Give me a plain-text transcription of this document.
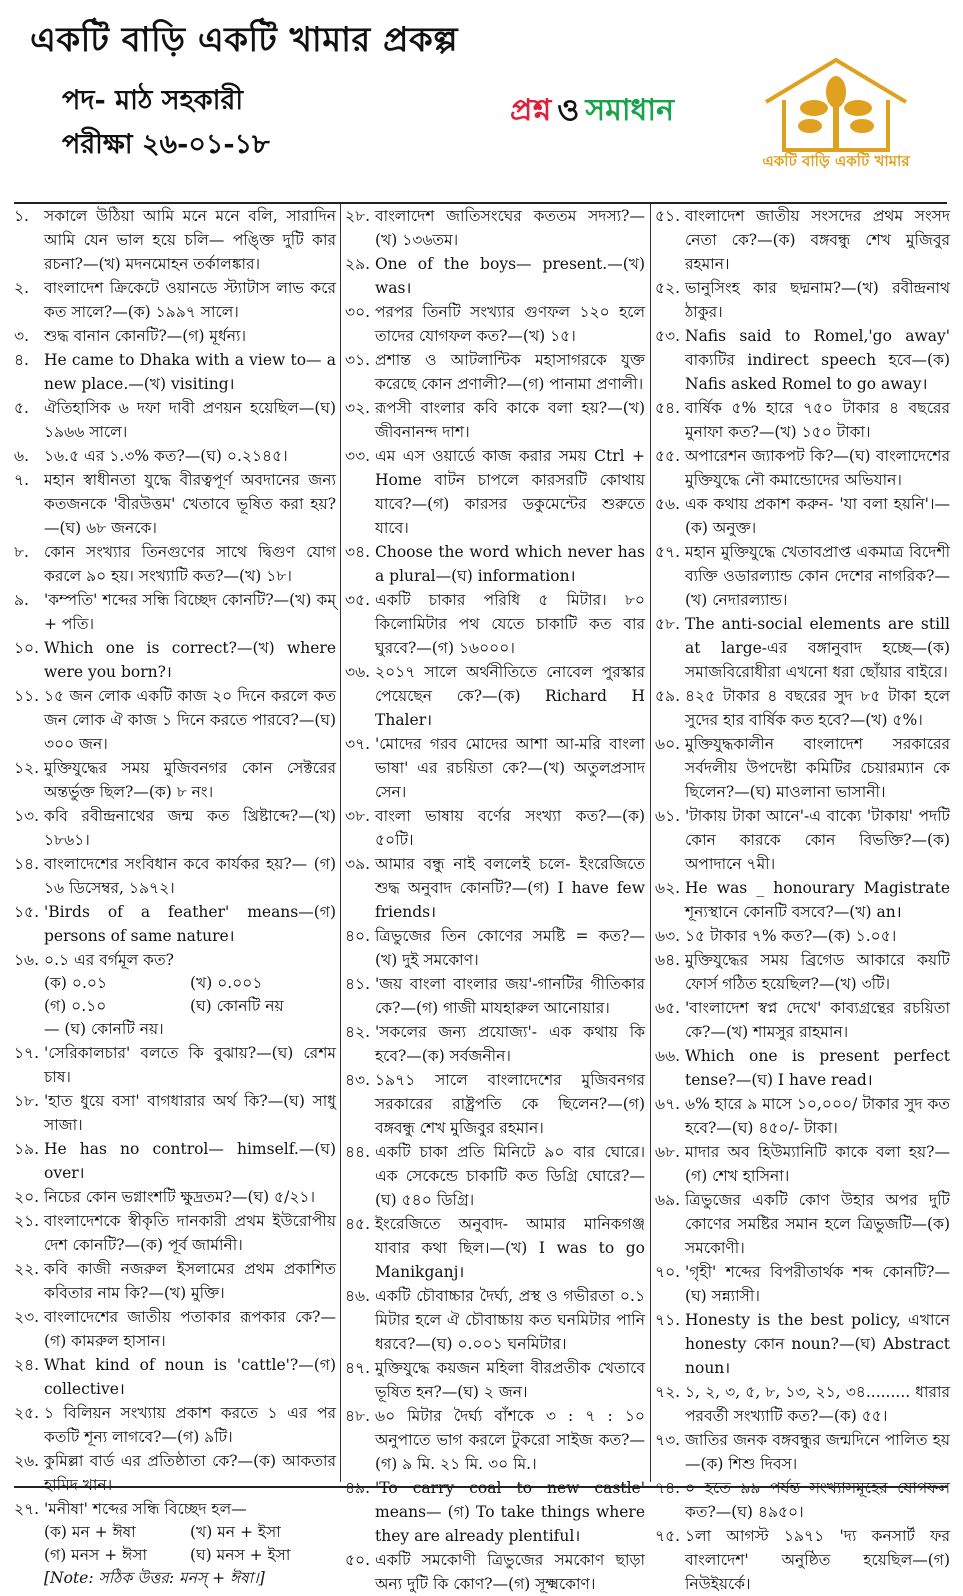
একটি বাড়ি একটি খামার প্রকল্প
পদ- মাঠ সহকারী
পরীক্ষা ২৬-০১-১৮
প্রশ্ন ও সমাধান
একটি বাড়ি একটি খামার
১. সকালে উঠিয়া আমি মনে মনে বলি, সারাদিন আমি যেন ভাল হয়ে চলি— পঙ্ক্তি দুটি কার রচনা?—(খ) মদনমোহন তর্কালঙ্কার।
২. বাংলাদেশ ক্রিকেটে ওয়ানডে স্ট্যাটাস লাভ করে কত সালে?—(ক) ১৯৯৭ সালে।
৩. শুদ্ধ বানান কোনটি?—(গ) মূর্ধন্য।
৪. He came to Dhaka with a view to— a new place.—(খ) visiting।
৫. ঐতিহাসিক ৬ দফা দাবী প্রণয়ন হয়েছিল—(ঘ) ১৯৬৬ সালে।
৬. ১৬.৫ এর ১.৩% কত?—(ঘ) ০.২১৪৫।
৭. মহান স্বাধীনতা যুদ্ধে বীরত্বপূর্ণ অবদানের জন্য কতজনকে 'বীরউত্তম' খেতাবে ভূষিত করা হয়?—(ঘ) ৬৮ জনকে।
৮. কোন সংখ্যার তিনগুণের সাথে দ্বিগুণ যোগ করলে ৯০ হয়। সংখ্যাটি কত?—(খ) ১৮।
৯. 'কম্পতি' শব্দের সন্ধি বিচ্ছেদ কোনটি?—(খ) কম্ + পতি।
১০. Which one is correct?—(খ) where were you born?।
১১. ১৫ জন লোক একটি কাজ ২০ দিনে করলে কত জন লোক ঐ কাজ ১ দিনে করতে পারবে?—(ঘ) ৩০০ জন।
১২. মুক্তিযুদ্ধের সময় মুজিবনগর কোন সেক্টরের অন্তর্ভুক্ত ছিল?—(ক) ৮ নং।
১৩. কবি রবীন্দ্রনাথের জন্ম কত খ্রিষ্টাব্দে?—(খ) ১৮৬১।
১৪. বাংলাদেশের সংবিধান কবে কার্যকর হয়?— (গ) ১৬ ডিসেম্বর, ১৯৭২।
১৫. 'Birds of a feather' means—(গ) persons of same nature।
১৬. ০.১ এর বর্গমূল কত?
(ক) ০.০১	(খ) ০.০০১
(গ) ০.১০	(ঘ) কোনটি নয়
— (ঘ) কোনটি নয়।
১৭. 'সেরিকালচার' বলতে কি বুঝায়?—(ঘ) রেশম চাষ।
১৮. 'হাত ধুয়ে বসা' বাগধারার অর্থ কি?—(ঘ) সাধু সাজা।
১৯. He has no control— himself.—(ঘ) over।
২০. নিচের কোন ভগ্নাংশটি ক্ষুদ্রতম?—(ঘ) ৫/২১।
২১. বাংলাদেশকে স্বীকৃতি দানকারী প্রথম ইউরোপীয় দেশ কোনটি?—(ক) পূর্ব জার্মানী।
২২. কবি কাজী নজরুল ইসলামের প্রথম প্রকাশিত কবিতার নাম কি?—(খ) মুক্তি।
২৩. বাংলাদেশের জাতীয় পতাকার রূপকার কে?—(গ) কামরুল হাসান।
২৪. What kind of noun is 'cattle'?—(গ) collective।
২৫. ১ বিলিয়ন সংখ্যায় প্রকাশ করতে ১ এর পর কতটি শূন্য লাগবে?—(গ) ৯টি।
২৬. কুমিল্লা বার্ড এর প্রতিষ্ঠাতা কে?—(ক) আকতার হামিদ খান।
২৭. 'মনীষা' শব্দের সন্ধি বিচ্ছেদ হল—
(ক) মন + ঈষা	(খ) মন + ইসা
(গ) মনস + ঈসা	(ঘ) মনস + ইসা
[Note: সঠিক উত্তর: মনস্ + ঈষা।]
২৮. বাংলাদেশ জাতিসংঘের কততম সদস্য?—(খ) ১৩৬তম।
২৯. One of the boys— present.—(খ) was।
৩০. পরপর তিনটি সংখ্যার গুণফল ১২০ হলে তাদের যোগফল কত?—(খ) ১৫।
৩১. প্রশান্ত ও আটলান্টিক মহাসাগরকে যুক্ত করেছে কোন প্রণালী?—(গ) পানামা প্রণালী।
৩২. রূপসী বাংলার কবি কাকে বলা হয়?—(খ) জীবনানন্দ দাশ।
৩৩. এম এস ওয়ার্ডে কাজ করার সময় Ctrl + Home বাটন চাপলে কারসরটি কোথায় যাবে?—(গ) কারসর ডকুমেন্টের শুরুতে যাবে।
৩৪. Choose the word which never has a plural—(ঘ) information।
৩৫. একটি চাকার পরিধি ৫ মিটার। ৮০ কিলোমিটার পথ যেতে চাকাটি কত বার ঘুরবে?—(গ) ১৬০০০।
৩৬. ২০১৭ সালে অর্থনীতিতে নোবেল পুরস্কার পেয়েছেন কে?—(ক) Richard H Thaler।
৩৭. 'মোদের গরব মোদের আশা আ-মরি বাংলা ভাষা' এর রচয়িতা কে?—(খ) অতুলপ্রসাদ সেন।
৩৮. বাংলা ভাষায় বর্ণের সংখ্যা কত?—(ক) ৫০টি।
৩৯. আমার বন্ধু নাই বললেই চলে- ইংরেজিতে শুদ্ধ অনুবাদ কোনটি?—(গ) I have few friends।
৪০. ত্রিভুজের তিন কোণের সমষ্টি = কত?— (খ) দুই সমকোণ।
৪১. 'জয় বাংলা বাংলার জয়'-গানটির গীতিকার কে?—(গ) গাজী মাযহারুল আনোয়ার।
৪২. 'সকলের জন্য প্রযোজ্য'- এক কথায় কি হবে?—(ক) সর্বজনীন।
৪৩. ১৯৭১ সালে বাংলাদেশের মুজিবনগর সরকারের রাষ্ট্রপতি কে ছিলেন?—(গ) বঙ্গবন্ধু শেখ মুজিবুর রহমান।
৪৪. একটি চাকা প্রতি মিনিটে ৯০ বার ঘোরে। এক সেকেন্ডে চাকাটি কত ডিগ্রি ঘোরে?—(ঘ) ৫৪০ ডিগ্রি।
৪৫. ইংরেজিতে অনুবাদ- আমার মানিকগঞ্জ যাবার কথা ছিল।—(খ) I was to go Manikganj।
৪৬. একটি চৌবাচ্চার দৈর্ঘ্য, প্রস্থ ও গভীরতা ০.১ মিটার হলে ঐ চৌবাচ্চায় কত ঘনমিটার পানি ধরবে?—(ঘ) ০.০০১ ঘনমিটার।
৪৭. মুক্তিযুদ্ধে কয়জন মহিলা বীরপ্রতীক খেতাবে ভূষিত হন?—(ঘ) ২ জন।
৪৮. ৬০ মিটার দৈর্ঘ্য বাঁশকে ৩ : ৭ : ১০ অনুপাতে ভাগ করলে টুকরো সাইজ কত?— (গ) ৯ মি. ২১ মি. ৩০ মি.।
৪৯. 'To carry coal to new castle' means— (গ) To take things where they are already plentiful।
৫০. একটি সমকোণী ত্রিভুজের সমকোণ ছাড়া অন্য দুটি কি কোণ?—(গ) সূক্ষ্মকোণ।
৫১. বাংলাদেশ জাতীয় সংসদের প্রথম সংসদ নেতা কে?—(ক) বঙ্গবন্ধু শেখ মুজিবুর রহমান।
৫২. ভানুসিংহ কার ছদ্মনাম?—(খ) রবীন্দ্রনাথ ঠাকুর।
৫৩. Nafis said to Romel,'go away' বাক্যটির indirect speech হবে—(ক) Nafis asked Romel to go away।
৫৪. বার্ষিক ৫% হারে ৭৫০ টাকার ৪ বছরের মুনাফা কত?—(খ) ১৫০ টাকা।
৫৫. অপারেশন জ্যাকপট কি?—(ঘ) বাংলাদেশের মুক্তিযুদ্ধে নৌ কমান্ডোদের অভিযান।
৫৬. এক কথায় প্রকাশ করুন- 'যা বলা হয়নি'।—(ক) অনুক্ত।
৫৭. মহান মুক্তিযুদ্ধে খেতাবপ্রাপ্ত একমাত্র বিদেশী ব্যক্তি ওডারল্যান্ড কোন দেশের নাগরিক?— (খ) নেদারল্যান্ড।
৫৮. The anti-social elements are still at large-এর বঙ্গানুবাদ হচ্ছে—(ক) সমাজবিরোধীরা এখনো ধরা ছোঁয়ার বাইরে।
৫৯. ৪২৫ টাকার ৪ বছরের সুদ ৮৫ টাকা হলে সুদের হার বার্ষিক কত হবে?—(খ) ৫%।
৬০. মুক্তিযুদ্ধকালীন বাংলাদেশ সরকারের সর্বদলীয় উপদেষ্টা কমিটির চেয়ারম্যান কে ছিলেন?—(ঘ) মাওলানা ভাসানী।
৬১. 'টাকায় টাকা আনে'-এ বাক্যে 'টাকায়' পদটি কোন কারকে কোন বিভক্তি?—(ক) অপাদানে ৭মী।
৬২. He was _ honourary Magistrate শূন্যস্থানে কোনটি বসবে?—(খ) an।
৬৩. ১৫ টাকার ৭% কত?—(ক) ১.০৫।
৬৪. মুক্তিযুদ্ধের সময় ব্রিগেড আকারে কয়টি ফোর্স গঠিত হয়েছিল?—(খ) ৩টি।
৬৫. 'বাংলাদেশ স্বপ্ন দেখে' কাব্যগ্রন্থের রচয়িতা কে?—(খ) শামসুর রাহমান।
৬৬. Which one is present perfect tense?—(ঘ) I have read।
৬৭. ৬% হারে ৯ মাসে ১০,০০০/ টাকার সুদ কত হবে?—(ঘ) ৪৫০/- টাকা।
৬৮. মাদার অব হিউম্যানিটি কাকে বলা হয়?—(গ) শেখ হাসিনা।
৬৯. ত্রিভুজের একটি কোণ উহার অপর দুটি কোণের সমষ্টির সমান হলে ত্রিভুজটি—(ক) সমকোণী।
৭০. 'গৃহী' শব্দের বিপরীতার্থক শব্দ কোনটি?—(ঘ) সন্ন্যাসী।
৭১. Honesty is the best policy, এখানে honesty কোন noun?—(ঘ) Abstract noun।
৭২. ১, ২, ৩, ৫, ৮, ১৩, ২১, ৩৪......... ধারার পরবর্তী সংখ্যাটি কত?—(ক) ৫৫।
৭৩. জাতির জনক বঙ্গবন্ধুর জন্মদিনে পালিত হয়—(ক) শিশু দিবস।
৭৪. ০ হতে ৯৯ পর্যন্ত সংখ্যাসমূহের যোগফল কত?—(ঘ) ৪৯৫০।
৭৫. ১লা আগস্ট ১৯৭১ 'দ্য কনসার্ট ফর বাংলাদেশ' অনুষ্ঠিত হয়েছিল—(গ) নিউইয়র্কে।
